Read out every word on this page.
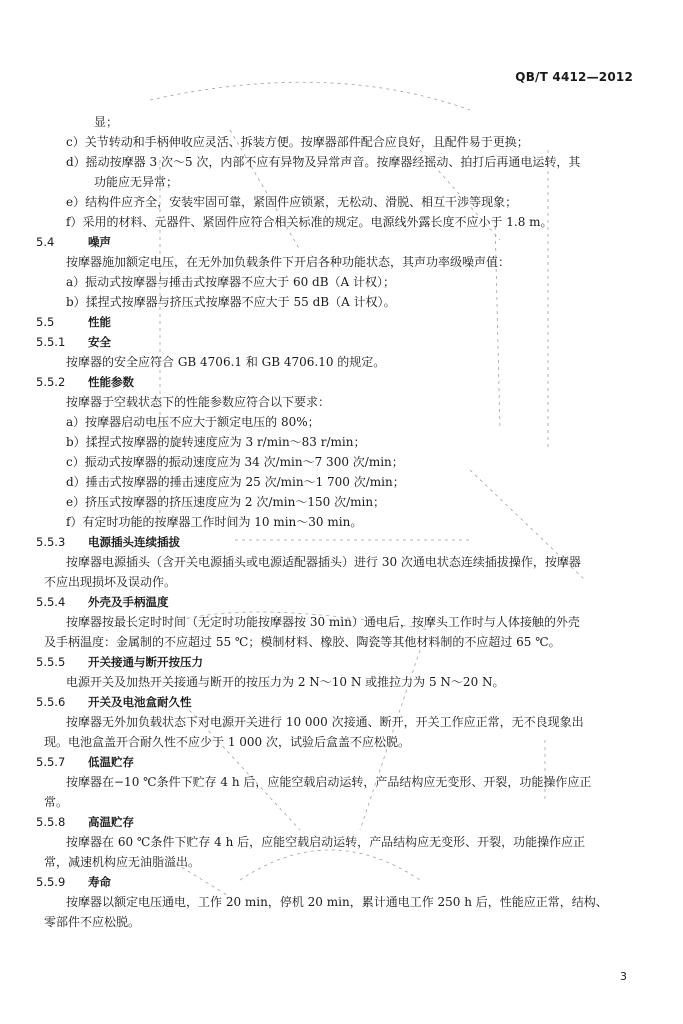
QB/T 4412—2012
显；
c）关节转动和手柄伸收应灵活、拆装方便。按摩器部件配合应良好，且配件易于更换；
d）摇动按摩器 3 次～5 次，内部不应有异物及异常声音。按摩器经摇动、拍打后再通电运转，其
功能应无异常；
e）结构件应齐全，安装牢固可靠，紧固件应锁紧，无松动、滑脱、相互干涉等现象；
f）采用的材料、元器件、紧固件应符合相关标准的规定。电源线外露长度不应小于 1.8 m。
5.4	噪声
按摩器施加额定电压，在无外加负载条件下开启各种功能状态，其声功率级噪声值：
a）振动式按摩器与捶击式按摩器不应大于 60 dB（A 计权）；
b）揉捏式按摩器与挤压式按摩器不应大于 55 dB（A 计权）。
5.5	性能
5.5.1 安全
按摩器的安全应符合 GB 4706.1 和 GB 4706.10 的规定。
5.5.2 性能参数
按摩器于空载状态下的性能参数应符合以下要求：
a）按摩器启动电压不应大于额定电压的 80%；
b）揉捏式按摩器的旋转速度应为 3 r/min～83 r/min；
c）振动式按摩器的振动速度应为 34 次/min～7 300 次/min；
d）捶击式按摩器的捶击速度应为 25 次/min～1 700 次/min；
e）挤压式按摩器的挤压速度应为 2 次/min～150 次/min；
f）有定时功能的按摩器工作时间为 10 min～30 min。
5.5.3 电源插头连续插拔
按摩器电源插头（含开关电源插头或电源适配器插头）进行 30 次通电状态连续插拔操作，按摩器
不应出现损坏及误动作。
5.5.4 外壳及手柄温度
按摩器按最长定时时间（无定时功能按摩器按 30 min）通电后，按摩头工作时与人体接触的外壳
及手柄温度：金属制的不应超过 55 ℃；模制材料、橡胶、陶瓷等其他材料制的不应超过 65 ℃。
5.5.5 开关接通与断开按压力
电源开关及加热开关接通与断开的按压力为 2 N～10 N 或推拉力为 5 N～20 N。
5.5.6 开关及电池盒耐久性
按摩器无外加负载状态下对电源开关进行 10 000 次接通、断开，开关工作应正常，无不良现象出
现。电池盒盖开合耐久性不应少于 1 000 次，试验后盒盖不应松脱。
5.5.7 低温贮存
按摩器在−10 ℃条件下贮存 4 h 后，应能空载启动运转，产品结构应无变形、开裂，功能操作应正
常。
5.5.8 高温贮存
按摩器在 60 ℃条件下贮存 4 h 后，应能空载启动运转，产品结构应无变形、开裂，功能操作应正
常，减速机构应无油脂溢出。
5.5.9 寿命
按摩器以额定电压通电，工作 20 min，停机 20 min，累计通电工作 250 h 后，性能应正常，结构、
零部件不应松脱。
3
